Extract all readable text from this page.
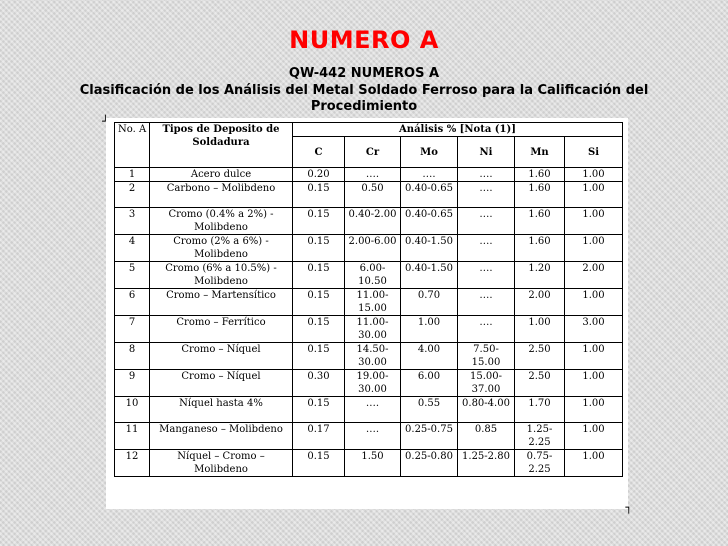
NUMERO A
QW-442 NUMEROS A
Clasificación de los Análisis del Metal Soldado Ferroso para la Calificación del Procedimiento
┘
┐
No. A	Tipos de Deposito de Soldadura	Análisis % [Nota (1)]					
		C	Cr	Mo	Ni	Mn	Si
1	Acero dulce	0.20	….	….	….	1.60	1.00
2	Carbono – Molibdeno	0.15	0.50	0.40-0.65	….	1.60	1.00
3	Cromo (0.4% a 2%) - Molibdeno	0.15	0.40-2.00	0.40-0.65	….	1.60	1.00
4	Cromo (2% a 6%) - Molibdeno	0.15	2.00-6.00	0.40-1.50	….	1.60	1.00
5	Cromo (6% a 10.5%) - Molibdeno	0.15	6.00-10.50	0.40-1.50	….	1.20	2.00
6	Cromo – Martensítico	0.15	11.00-15.00	0.70	….	2.00	1.00
7	Cromo – Ferrítico	0.15	11.00-30.00	1.00	….	1.00	3.00
8	Cromo – Níquel	0.15	14.50-30.00	4.00	7.50-15.00	2.50	1.00
9	Cromo – Níquel	0.30	19.00-30.00	6.00	15.00-37.00	2.50	1.00
10	Níquel hasta 4%	0.15	….	0.55	0.80-4.00	1.70	1.00
11	Manganeso – Molibdeno	0.17	….	0.25-0.75	0.85	1.25-2.25	1.00
12	Níquel – Cromo – Molibdeno	0.15	1.50	0.25-0.80	1.25-2.80	0.75-2.25	1.00
